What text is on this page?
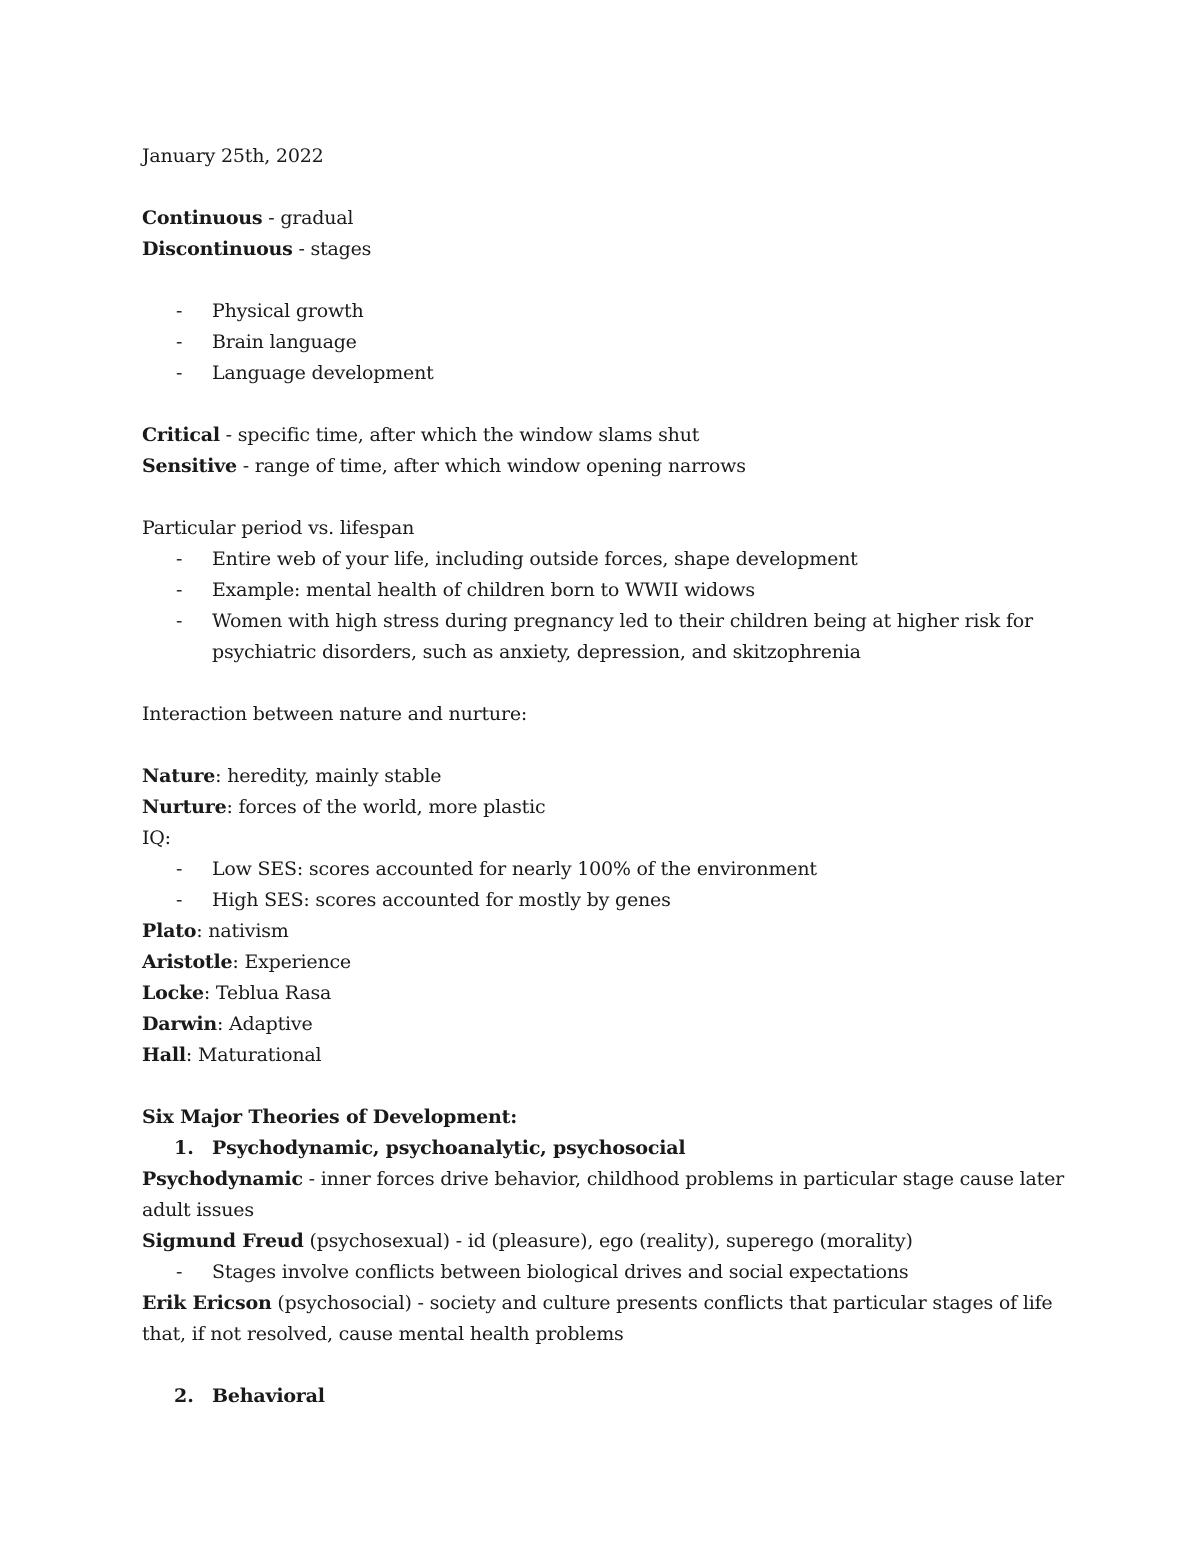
January 25th, 2022
Continuous - gradual
Discontinuous - stages
- Physical growth
- Brain language
- Language development
Critical - specific time, after which the window slams shut
Sensitive - range of time, after which window opening narrows
Particular period vs. lifespan
- Entire web of your life, including outside forces, shape development
- Example: mental health of children born to WWII widows
- Women with high stress during pregnancy led to their children being at higher risk for
psychiatric disorders, such as anxiety, depression, and skitzophrenia
Interaction between nature and nurture:
Nature: heredity, mainly stable
Nurture: forces of the world, more plastic
IQ:
- Low SES: scores accounted for nearly 100% of the environment
- High SES: scores accounted for mostly by genes
Plato: nativism
Aristotle: Experience
Locke: Teblua Rasa
Darwin: Adaptive
Hall: Maturational
Six Major Theories of Development:
1. Psychodynamic, psychoanalytic, psychosocial
Psychodynamic - inner forces drive behavior, childhood problems in particular stage cause later
adult issues
Sigmund Freud (psychosexual) - id (pleasure), ego (reality), superego (morality)
- Stages involve conflicts between biological drives and social expectations
Erik Ericson (psychosocial) - society and culture presents conflicts that particular stages of life
that, if not resolved, cause mental health problems
2. Behavioral
